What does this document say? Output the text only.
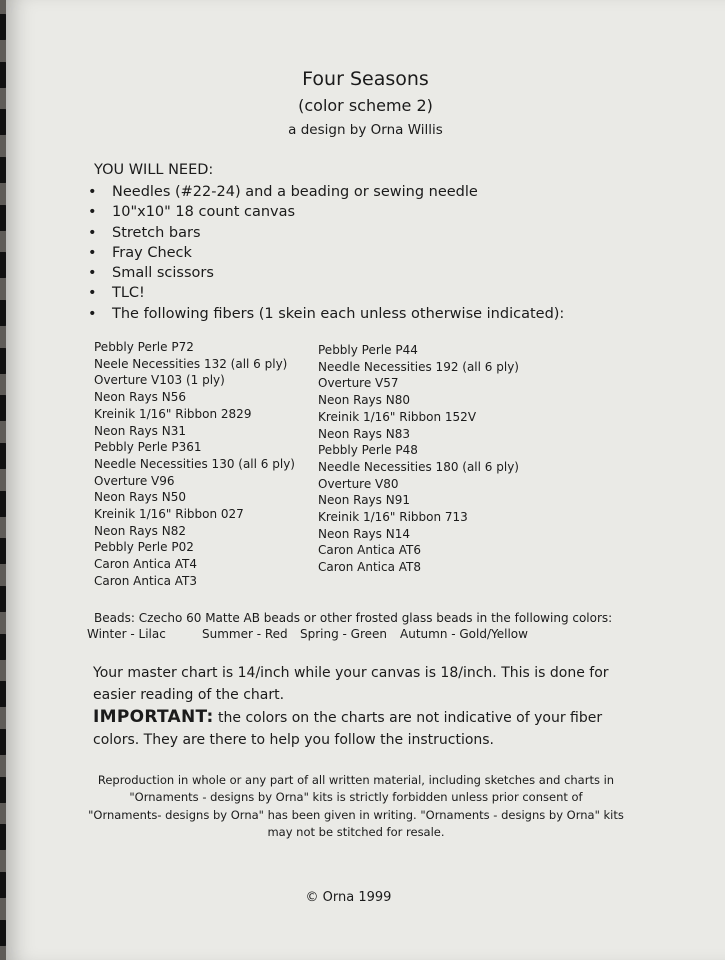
Four Seasons
(color scheme 2)
a design by Orna Willis
YOU WILL NEED:
• Needles (#22-24) and a beading or sewing needle
• 10"x10" 18 count canvas
• Stretch bars
• Fray Check
• Small scissors
• TLC!
• The following fibers (1 skein each unless otherwise indicated):
Pebbly Perle P72
Neele Necessities 132 (all 6 ply)
Overture V103 (1 ply)
Neon Rays N56
Kreinik 1/16" Ribbon 2829
Neon Rays N31
Pebbly Perle P361
Needle Necessities 130 (all 6 ply)
Overture V96
Neon Rays N50
Kreinik 1/16" Ribbon 027
Neon Rays N82
Pebbly Perle P02
Caron Antica AT4
Caron Antica AT3
Pebbly Perle P44
Needle Necessities 192 (all 6 ply)
Overture V57
Neon Rays N80
Kreinik 1/16" Ribbon 152V
Neon Rays N83
Pebbly Perle P48
Needle Necessities 180 (all 6 ply)
Overture V80
Neon Rays N91
Kreinik 1/16" Ribbon 713
Neon Rays N14
Caron Antica AT6
Caron Antica AT8
Beads: Czecho 60 Matte AB beads or other frosted glass beads in the following colors:
Winter - Lilac	Summer - Red Spring - Green Autumn - Gold/Yellow
Your master chart is 14/inch while your canvas is 18/inch. This is done for
easier reading of the chart.
IMPORTANT: the colors on the charts are not indicative of your fiber
colors. They are there to help you follow the instructions.
Reproduction in whole or any part of all written material, including sketches and charts in
"Ornaments - designs by Orna" kits is strictly forbidden unless prior consent of
"Ornaments- designs by Orna" has been given in writing. "Ornaments - designs by Orna" kits
may not be stitched for resale.
© Orna 1999
